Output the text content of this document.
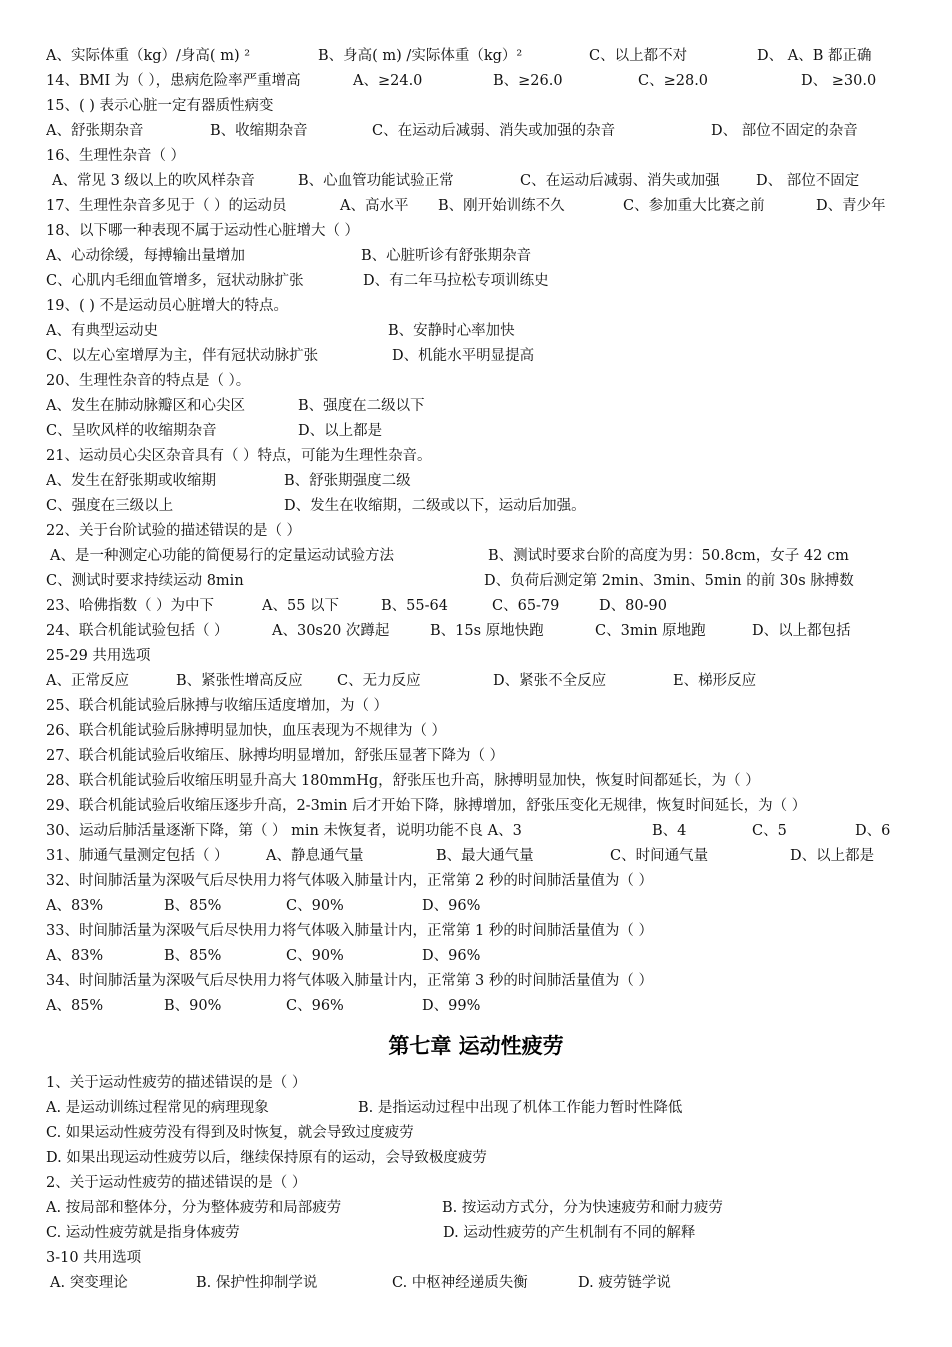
A、实际体重（kg）/身高( m) ²	B、身高( m) /实际体重（kg）²	C、以上都不对	D、 A、B 都正确
14、BMI 为（ ），患病危险率严重增高	A、≥24.0	B、≥26.0	C、≥28.0	D、 ≥30.0
15、( ) 表示心脏一定有器质性病变
A、舒张期杂音	B、收缩期杂音	C、在运动后减弱、消失或加强的杂音	D、 部位不固定的杂音
16、生理性杂音（ ）
A、常见 3 级以上的吹风样杂音	B、心血管功能试验正常	C、在运动后减弱、消失或加强	D、 部位不固定
17、生理性杂音多见于（ ）的运动员	A、高水平 B、刚开始训练不久	C、参加重大比赛之前	D、青少年
18、以下哪一种表现不属于运动性心脏增大（ ）
A、心动徐缓，每搏输出量增加	B、心脏听诊有舒张期杂音
C、心肌内毛细血管增多，冠状动脉扩张	D、有二年马拉松专项训练史
19、( ) 不是运动员心脏增大的特点。
A、有典型运动史	B、安静时心率加快
C、以左心室增厚为主，伴有冠状动脉扩张	D、机能水平明显提高
20、生理性杂音的特点是（ ）。
A、发生在肺动脉瓣区和心尖区	B、强度在二级以下
C、呈吹风样的收缩期杂音	D、以上都是
21、运动员心尖区杂音具有（ ）特点，可能为生理性杂音。
A、发生在舒张期或收缩期	B、舒张期强度二级
C、强度在三级以上	D、发生在收缩期，二级或以下，运动后加强。
22、关于台阶试验的描述错误的是（ ）
A、是一种测定心功能的简便易行的定量运动试验方法	B、测试时要求台阶的高度为男：50.8cm，女子 42 cm
C、测试时要求持续运动 8min	D、负荷后测定第 2min、3min、5min 的前 30s 脉搏数
23、哈佛指数（ ）为中下	A、55 以下	B、55-64	C、65-79	D、80-90
24、联合机能试验包括（ ）	A、30s20 次蹲起	B、15s 原地快跑	C、3min 原地跑	D、以上都包括
25-29 共用选项
A、正常反应	B、紧张性增高反应 C、无力反应	D、紧张不全反应	E、梯形反应
25、联合机能试验后脉搏与收缩压适度增加，为（ ）
26、联合机能试验后脉搏明显加快，血压表现为不规律为（ ）
27、联合机能试验后收缩压、脉搏均明显增加，舒张压显著下降为（ ）
28、联合机能试验后收缩压明显升高大 180mmHg，舒张压也升高，脉搏明显加快，恢复时间都延长，为（ ）
29、联合机能试验后收缩压逐步升高，2-3min 后才开始下降，脉搏增加，舒张压变化无规律，恢复时间延长，为（ ）
30、运动后肺活量逐渐下降，第（ ） min 未恢复者，说明功能不良 A、3	B、4	C、5	D、6
31、肺通气量测定包括（ ）	A、静息通气量	B、最大通气量	C、时间通气量	D、以上都是
32、时间肺活量为深吸气后尽快用力将气体吸入肺量计内，正常第 2 秒的时间肺活量值为（ ）
A、83%	B、85%	C、90%	D、96%
33、时间肺活量为深吸气后尽快用力将气体吸入肺量计内，正常第 1 秒的时间肺活量值为（ ）
A、83%	B、85%	C、90%	D、96%
34、时间肺活量为深吸气后尽快用力将气体吸入肺量计内，正常第 3 秒的时间肺活量值为（ ）
A、85%	B、90%	C、96%	D、99%
第七章 运动性疲劳
1、关于运动性疲劳的描述错误的是（ ）
A. 是运动训练过程常见的病理现象	B. 是指运动过程中出现了机体工作能力暂时性降低
C. 如果运动性疲劳没有得到及时恢复，就会导致过度疲劳
D. 如果出现运动性疲劳以后，继续保持原有的运动，会导致极度疲劳
2、关于运动性疲劳的描述错误的是（ ）
A. 按局部和整体分，分为整体疲劳和局部疲劳	B. 按运动方式分，分为快速疲劳和耐力疲劳
C. 运动性疲劳就是指身体疲劳	D. 运动性疲劳的产生机制有不同的解释
3-10 共用选项
A. 突变理论	B. 保护性抑制学说	C. 中枢神经递质失衡	D. 疲劳链学说
